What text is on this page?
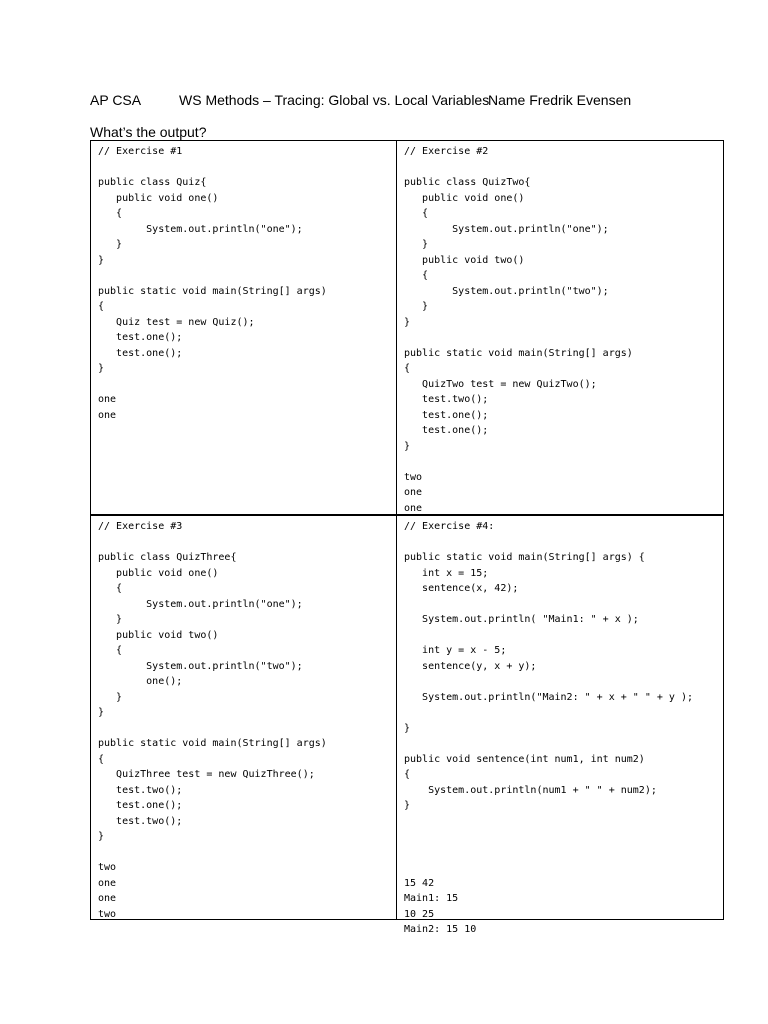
AP CSA

	WS Methods – Tracing: Global vs. Local Variables

Name Fredrik Evensen

What’s the output?
// Exercise #1
public class Quiz{
public void one()
{
System.out.println("one");
}
}
public static void main(String[] args)
{
Quiz test = new Quiz();
test.one();
test.one();
}
one
one
// Exercise #2
public class QuizTwo{
public void one()
{
System.out.println("one");
}
public void two()
{
System.out.println("two");
}
}
public static void main(String[] args)
{
QuizTwo test = new QuizTwo();
test.two();
test.one();
test.one();
}
two
one
one
// Exercise #3
public class QuizThree{
public void one()
{
System.out.println("one");
}
public void two()
{
System.out.println("two");
one();
}
}
public static void main(String[] args)
{
QuizThree test = new QuizThree();
test.two();
test.one();
test.two();
}
two
one
one
two
// Exercise #4:
public static void main(String[] args) {
int x = 15;
sentence(x, 42);
System.out.println( "Main1: " + x );
int y = x - 5;
sentence(y, x + y);
System.out.println("Main2: " + x + " " + y );
}
public void sentence(int num1, int num2)
{
System.out.println(num1 + " " + num2);
}
15 42
Main1: 15
10 25
Main2: 15 10
